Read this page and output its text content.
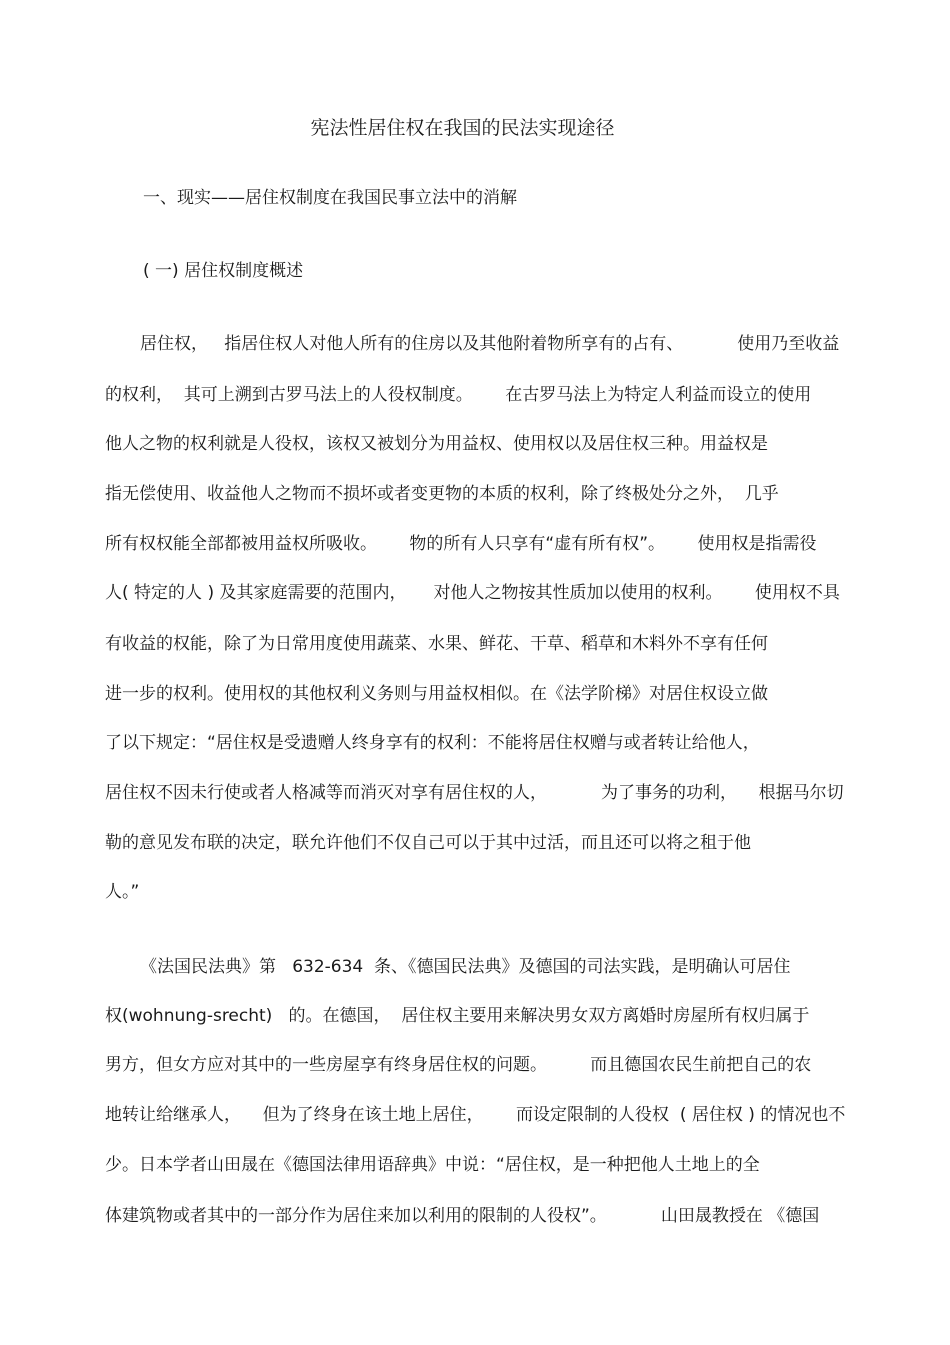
宪法性居住权在我国的民法实现途径
一、现实——居住权制度在我国民事立法中的消解
( 一) 居住权制度概述

居住权，   指居住权人对他人所有的住房以及其他附着物所享有的占有、          使用乃至收益

的权利，  其可上溯到古罗马法上的人役权制度。      在古罗马法上为特定人利益而设立的使用

他人之物的权利就是人役权，该权又被划分为用益权、使用权以及居住权三种。用益权是

指无偿使用、收益他人之物而不损坏或者变更物的本质的权利，除了终极处分之外，  几乎

所有权权能全部都被用益权所吸收。      物的所有人只享有“虚有所有权”。      使用权是指需役

人( 特定的人 ) 及其家庭需要的范围内，     对他人之物按其性质加以使用的权利。      使用权不具

有收益的权能，除了为日常用度使用蔬菜、水果、鲜花、干草、稻草和木料外不享有任何

进一步的权利。使用权的其他权利义务则与用益权相似。在《法学阶梯》对居住权设立做

了以下规定：“居住权是受遗赠人终身享有的权利：不能将居住权赠与或者转让给他人，

居住权不因未行使或者人格减等而消灭对享有居住权的人，          为了事务的功利，    根据马尔切

勒的意见发布联的决定，联允许他们不仅自己可以于其中过活，而且还可以将之租于他

人。”

《法国民法典》第   632-634  条、《德国民法典》及德国的司法实践，是明确认可居住

权(wohnung-srecht)   的。在德国，  居住权主要用来解决男女双方离婚时房屋所有权归属于

男方，但女方应对其中的一些房屋享有终身居住权的问题。        而且德国农民生前把自己的农

地转让给继承人，    但为了终身在该土地上居住，      而设定限制的人役权  ( 居住权 ) 的情况也不

少。日本学者山田晟在《德国法律用语辞典》中说：“居住权，是一种把他人土地上的全

体建筑物或者其中的一部分作为居住来加以利用的限制的人役权”。          山田晟教授在 《德国
